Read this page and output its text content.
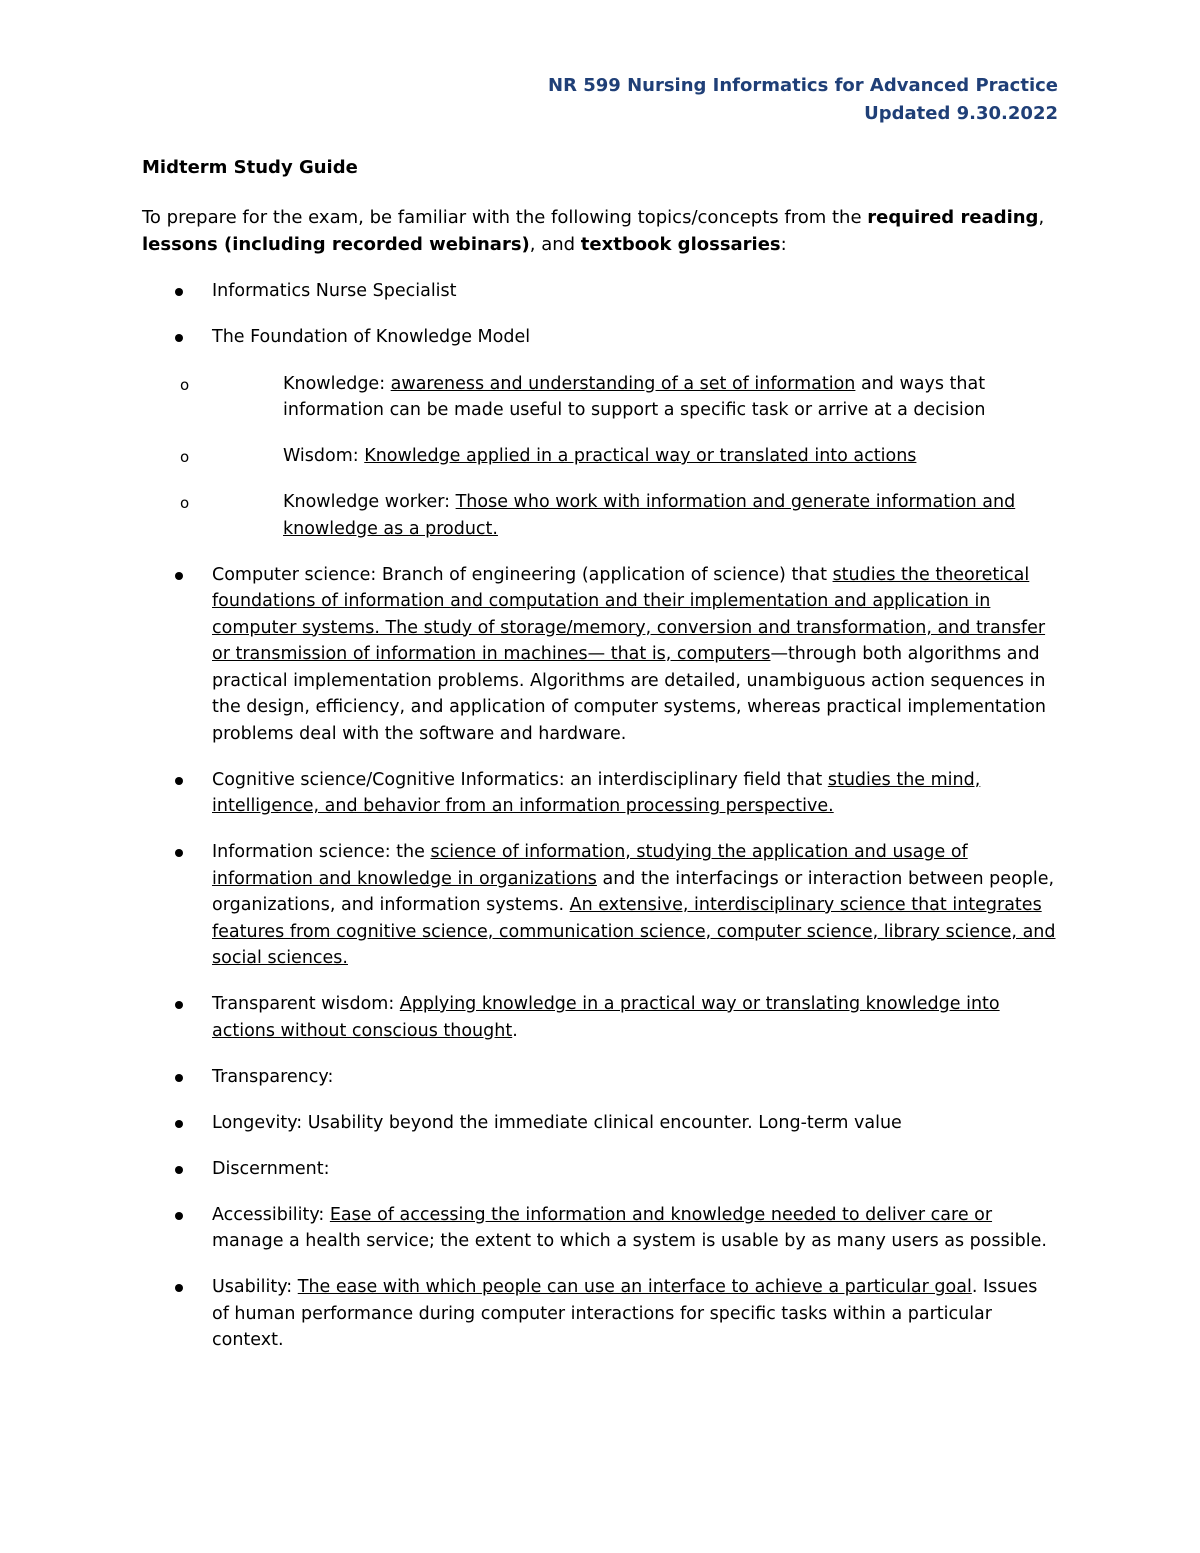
NR 599 Nursing Informatics for Advanced Practice
Updated 9.30.2022
Midterm Study Guide
To prepare for the exam, be familiar with the following topics/concepts from the required reading, lessons (including recorded webinars), and textbook glossaries:
Informatics Nurse Specialist
The Foundation of Knowledge Model
o	Knowledge: awareness and understanding of a set of information and ways that information can be made useful to support a specific task or arrive at a decision
o	Wisdom: Knowledge applied in a practical way or translated into actions
o	Knowledge worker: Those who work with information and generate information and knowledge as a product.
Computer science: Branch of engineering (application of science) that studies the theoretical foundations of information and computation and their implementation and application in computer systems. The study of storage/memory, conversion and transformation, and transfer or transmission of information in machines— that is, computers—through both algorithms and practical implementation problems. Algorithms are detailed, unambiguous action sequences in the design, efficiency, and application of computer systems, whereas practical implementation problems deal with the software and hardware.
Cognitive science/Cognitive Informatics: an interdisciplinary field that studies the mind, intelligence, and behavior from an information processing perspective.
Information science: the science of information, studying the application and usage of information and knowledge in organizations and the interfacings or interaction between people, organizations, and information systems. An extensive, interdisciplinary science that integrates features from cognitive science, communication science, computer science, library science, and social sciences.
Transparent wisdom: Applying knowledge in a practical way or translating knowledge into actions without conscious thought.
Transparency:
Longevity: Usability beyond the immediate clinical encounter. Long-term value
Discernment:
Accessibility: Ease of accessing the information and knowledge needed to deliver care or manage a health service; the extent to which a system is usable by as many users as possible.
Usability: The ease with which people can use an interface to achieve a particular goal. Issues of human performance during computer interactions for specific tasks within a particular context.
